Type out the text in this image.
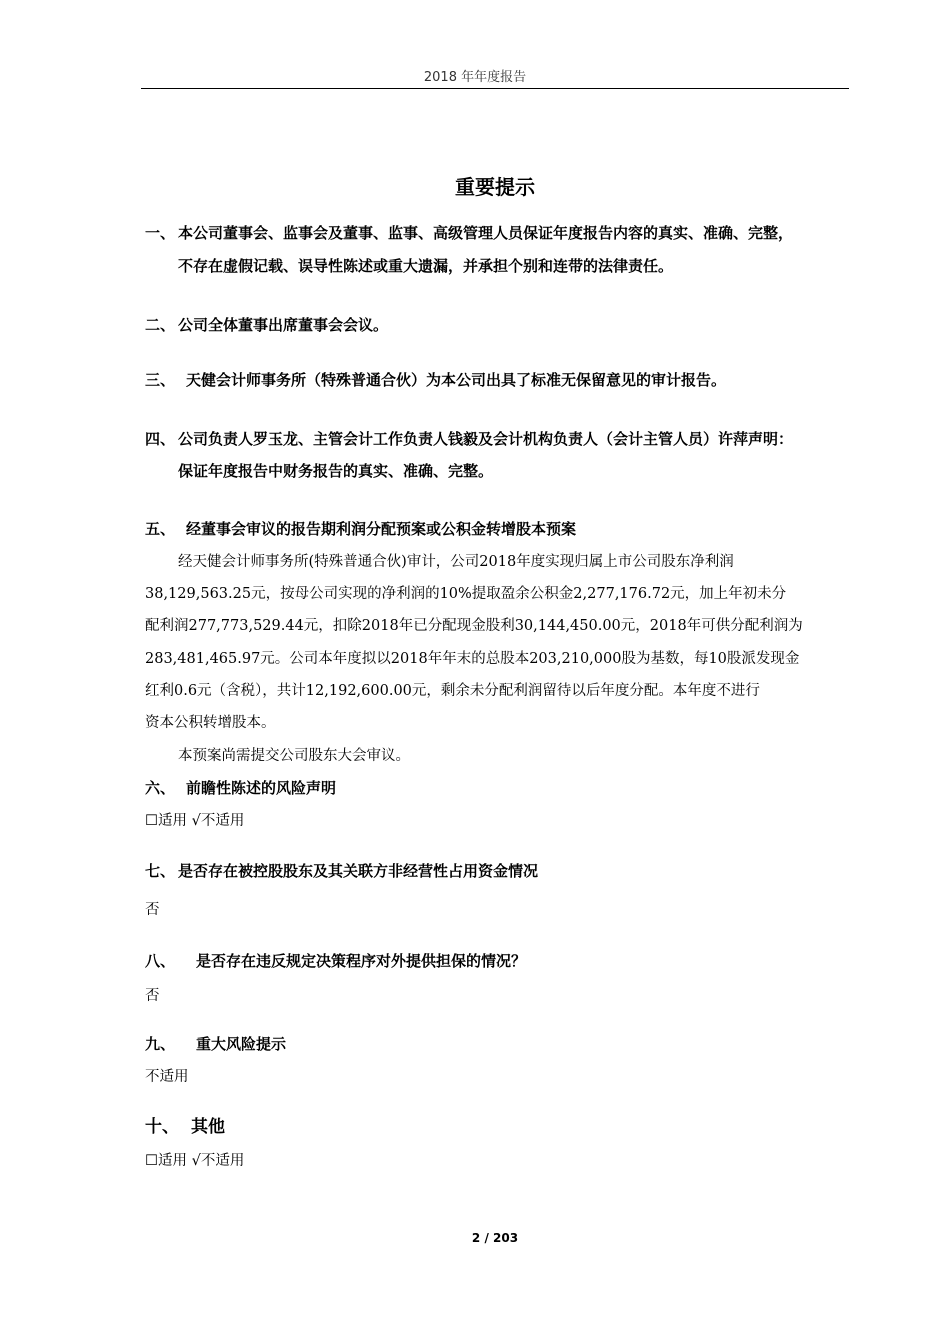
2018 年年度报告
重要提示
一、 本公司董事会、监事会及董事、监事、高级管理人员保证年度报告内容的真实、准确、完整，
不存在虚假记载、误导性陈述或重大遗漏，并承担个别和连带的法律责任。
二、 公司全体董事出席董事会会议。
三、 天健会计师事务所（特殊普通合伙）为本公司出具了标准无保留意见的审计报告。
四、 公司负责人罗玉龙、主管会计工作负责人钱毅及会计机构负责人（会计主管人员）许萍声明：
保证年度报告中财务报告的真实、准确、完整。
五、 经董事会审议的报告期利润分配预案或公积金转增股本预案
经天健会计师事务所(特殊普通合伙)审计，公司2018年度实现归属上市公司股东净利润
38,129,563.25元，按母公司实现的净利润的10%提取盈余公积金2,277,176.72元，加上年初未分
配利润277,773,529.44元，扣除2018年已分配现金股利30,144,450.00元，2018年可供分配利润为
283,481,465.97元。公司本年度拟以2018年年末的总股本203,210,000股为基数，每10股派发现金
红利0.6元（含税），共计12,192,600.00元，剩余未分配利润留待以后年度分配。本年度不进行
资本公积转增股本。
本预案尚需提交公司股东大会审议。
六、 前瞻性陈述的风险声明
☐适用 √不适用
七、 是否存在被控股股东及其关联方非经营性占用资金情况
否
八、 是否存在违反规定决策程序对外提供担保的情况？
否
九、 重大风险提示
不适用
十、 其他
☐适用 √不适用
2 / 203
